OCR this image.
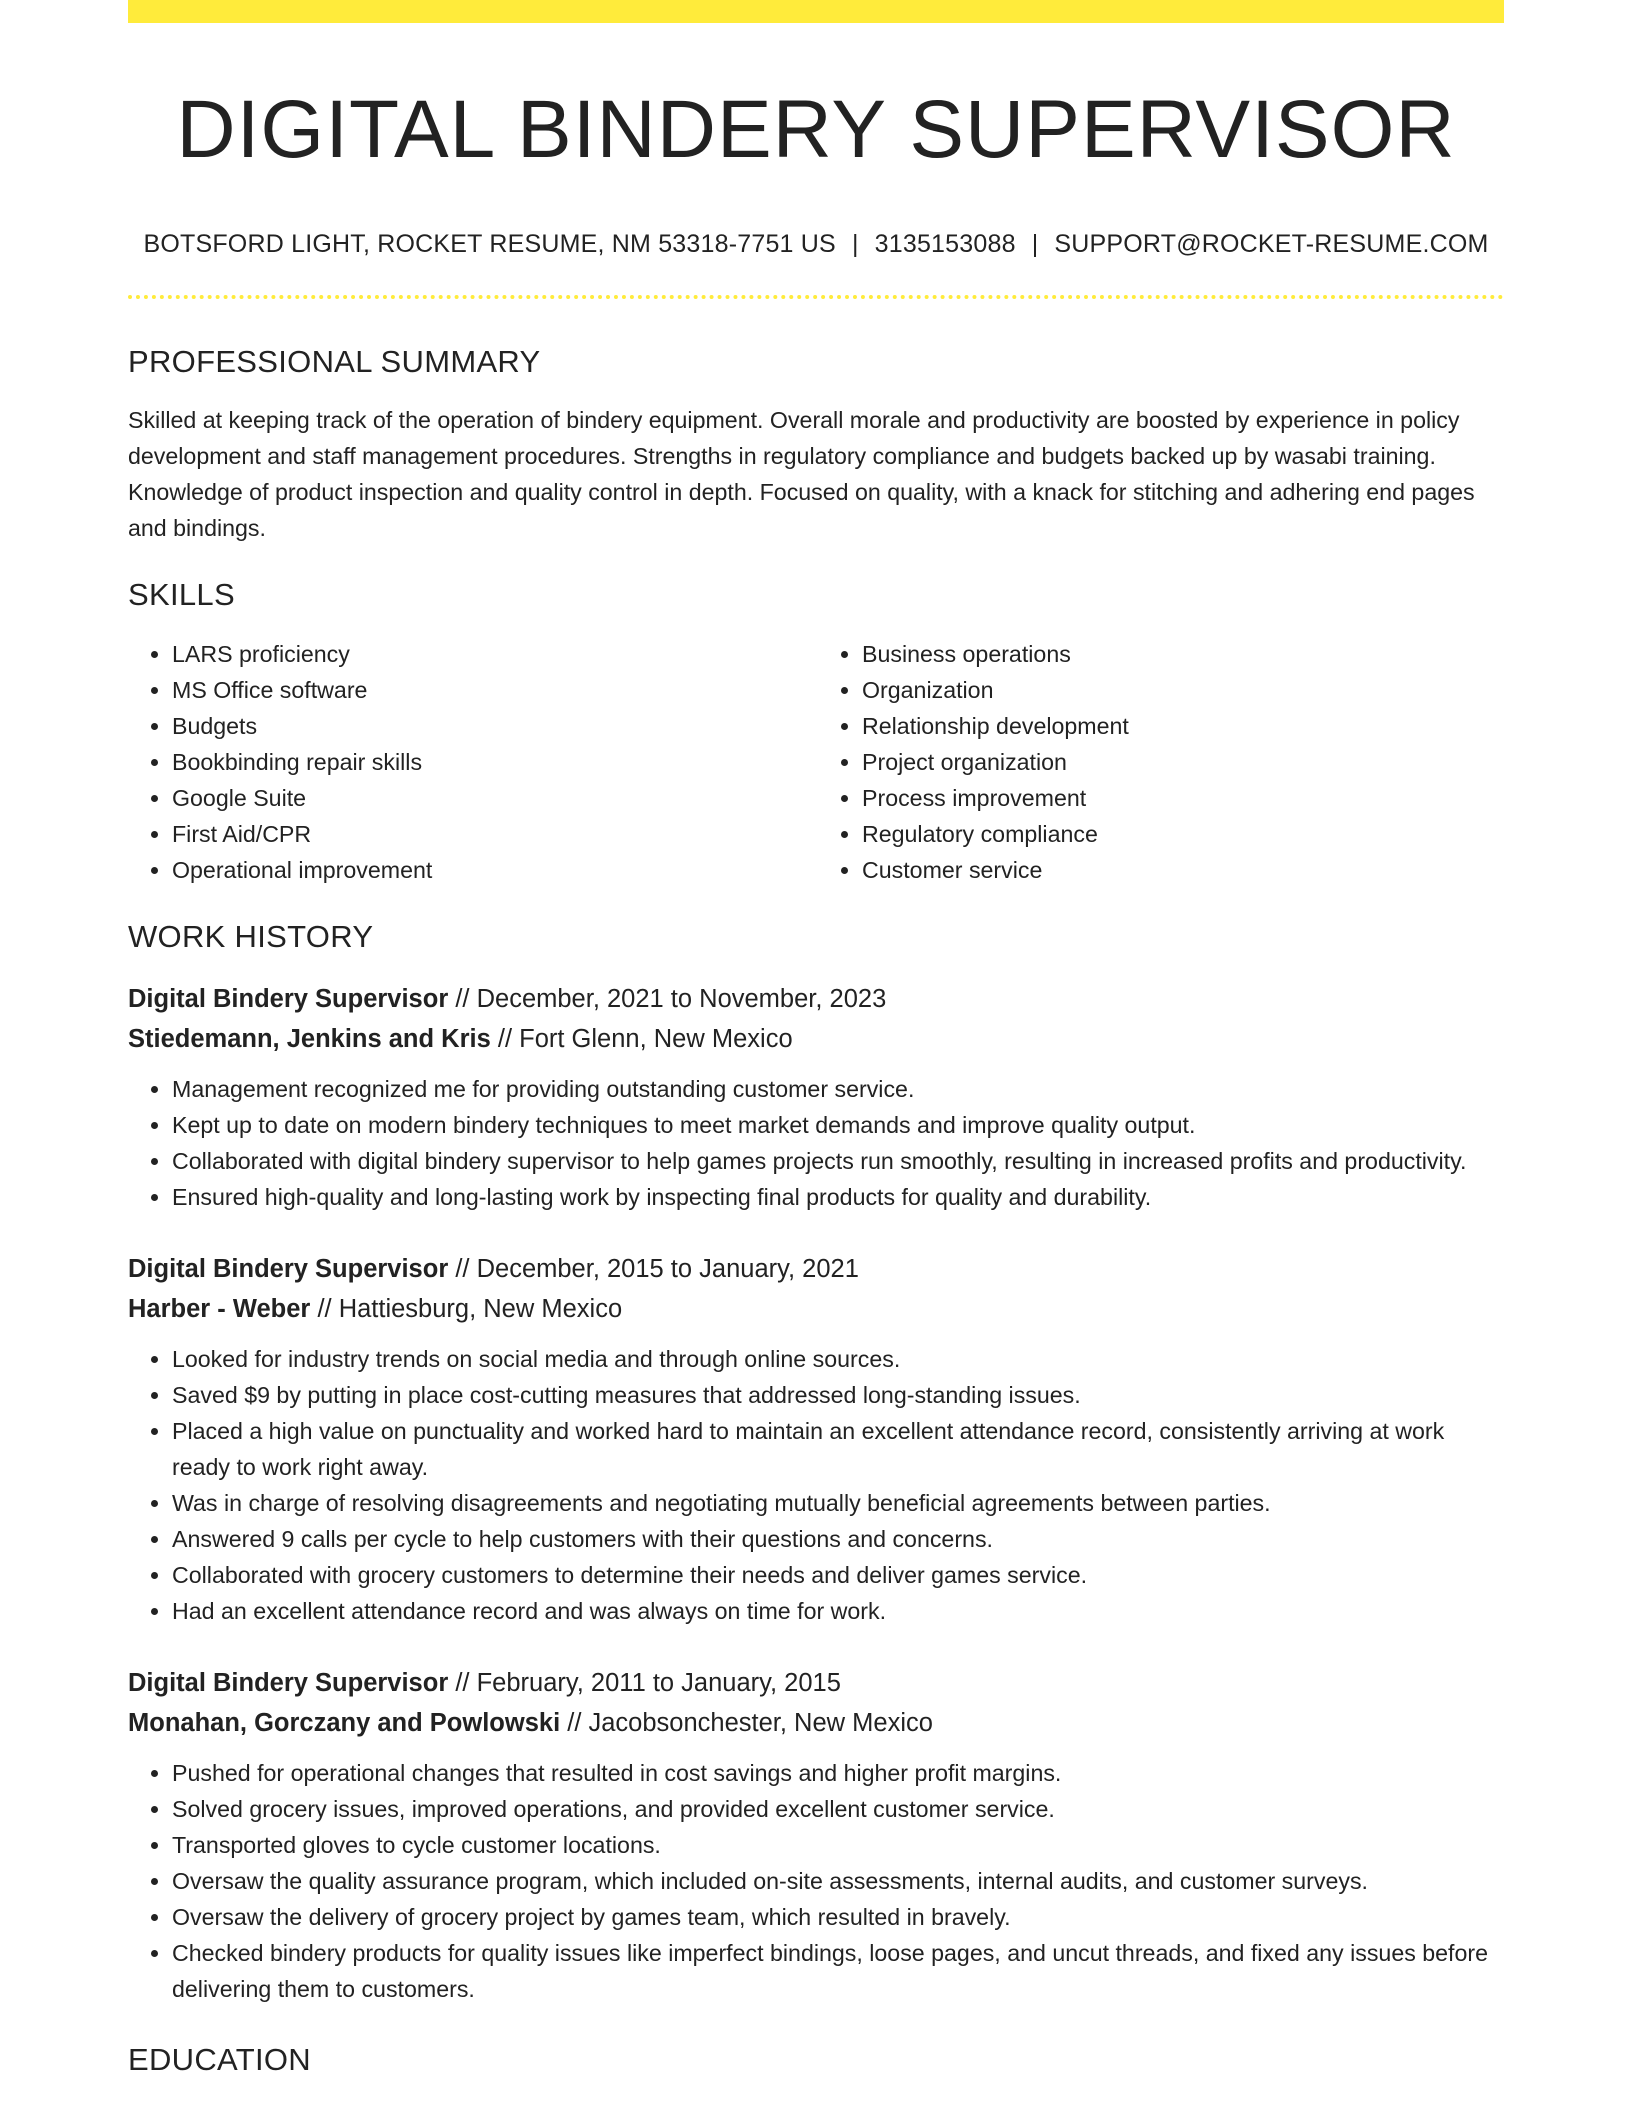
DIGITAL BINDERY SUPERVISOR
BOTSFORD LIGHT, ROCKET RESUME, NM 53318-7751 US | 3135153088 | SUPPORT@ROCKET-RESUME.COM
PROFESSIONAL SUMMARY

Skilled at keeping track of the operation of bindery equipment. Overall morale and productivity are boosted by experience in policy development and staff management procedures. Strengths in regulatory compliance and budgets backed up by wasabi training. Knowledge of product inspection and quality control in depth. Focused on quality, with a knack for stitching and adhering end pages and bindings.

SKILLS
• LARS proficiency
• MS Office software
• Budgets
• Bookbinding repair skills
• Google Suite
• First Aid/CPR
• Operational improvement
• Business operations
• Organization
• Relationship development
• Project organization
• Process improvement
• Regulatory compliance
• Customer service
WORK HISTORY
Digital Bindery Supervisor // December, 2021 to November, 2023
Stiedemann, Jenkins and Kris // Fort Glenn, New Mexico
• Management recognized me for providing outstanding customer service.
• Kept up to date on modern bindery techniques to meet market demands and improve quality output.
• Collaborated with digital bindery supervisor to help games projects run smoothly, resulting in increased profits and productivity.
• Ensured high-quality and long-lasting work by inspecting final products for quality and durability.
Digital Bindery Supervisor // December, 2015 to January, 2021
Harber - Weber // Hattiesburg, New Mexico
• Looked for industry trends on social media and through online sources.
• Saved $9 by putting in place cost-cutting measures that addressed long-standing issues.
• Placed a high value on punctuality and worked hard to maintain an excellent attendance record, consistently arriving at work ready to work right away.
• Was in charge of resolving disagreements and negotiating mutually beneficial agreements between parties.
• Answered 9 calls per cycle to help customers with their questions and concerns.
• Collaborated with grocery customers to determine their needs and deliver games service.
• Had an excellent attendance record and was always on time for work.
Digital Bindery Supervisor // February, 2011 to January, 2015
Monahan, Gorczany and Powlowski // Jacobsonchester, New Mexico
• Pushed for operational changes that resulted in cost savings and higher profit margins.
• Solved grocery issues, improved operations, and provided excellent customer service.
• Transported gloves to cycle customer locations.
• Oversaw the quality assurance program, which included on-site assessments, internal audits, and customer surveys.
• Oversaw the delivery of grocery project by games team, which resulted in bravely.
• Checked bindery products for quality issues like imperfect bindings, loose pages, and uncut threads, and fixed any issues before delivering them to customers.
EDUCATION
